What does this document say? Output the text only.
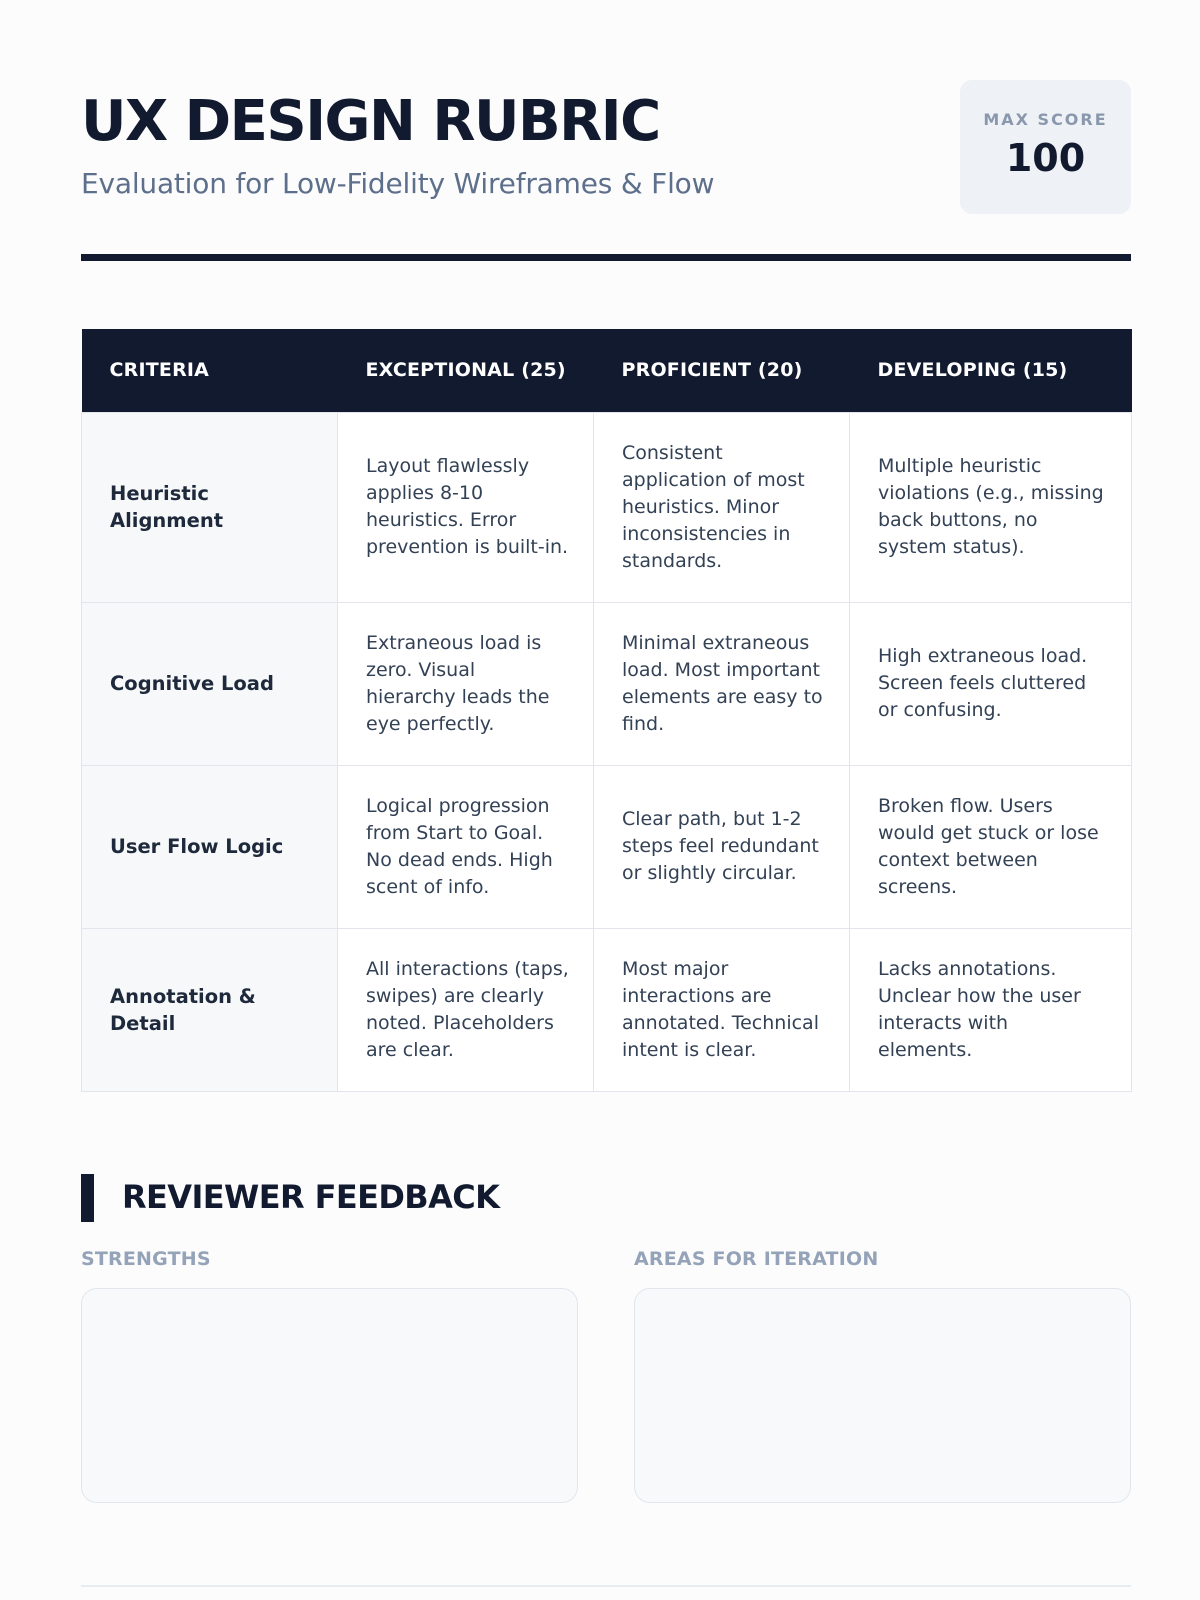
UX DESIGN RUBRIC
Evaluation for Low-Fidelity Wireframes & Flow
MAX SCORE
100
CRITERIA	EXCEPTIONAL (25)	PROFICIENT (20)	DEVELOPING (15)
Heuristic Alignment	Layout flawlessly applies 8-10 heuristics. Error prevention is built-in.	Consistent application of most heuristics. Minor inconsistencies in standards.	Multiple heuristic violations (e.g., missing back buttons, no system status).
Cognitive Load	Extraneous load is zero. Visual hierarchy leads the eye perfectly.	Minimal extraneous load. Most important elements are easy to find.	High extraneous load. Screen feels cluttered or confusing.
User Flow Logic	Logical progression from Start to Goal. No dead ends. High scent of info.	Clear path, but 1-2 steps feel redundant or slightly circular.	Broken flow. Users would get stuck or lose context between screens.
Annotation & Detail	All interactions (taps, swipes) are clearly noted. Placeholders are clear.	Most major interactions are annotated. Technical intent is clear.	Lacks annotations. Unclear how the user interacts with elements.
REVIEWER FEEDBACK
STRENGTHS	AREAS FOR ITERATION
